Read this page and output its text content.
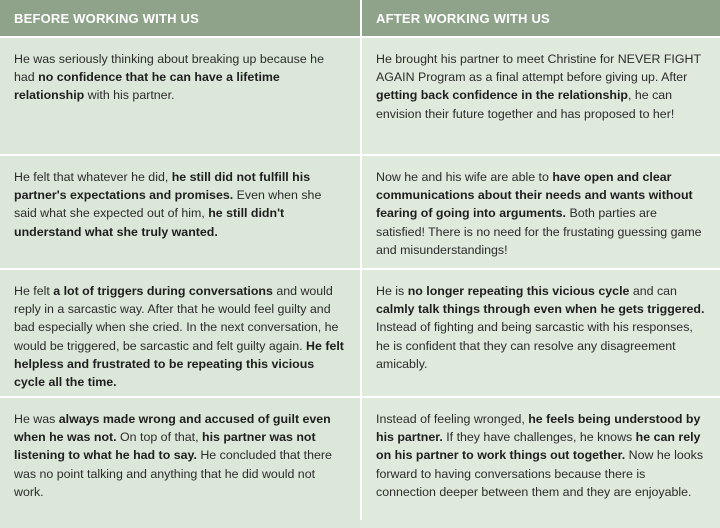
BEFORE WORKING WITH US	AFTER WORKING WITH US
He was seriously thinking about breaking up because he had no confidence that he can have a lifetime relationship with his partner.
He brought his partner to meet Christine for NEVER FIGHT AGAIN Program as a final attempt before giving up. After getting back confidence in the relationship, he can envision their future together and has proposed to her!
He felt that whatever he did, he still did not fulfill his partner's expectations and promises. Even when she said what she expected out of him, he still didn't understand what she truly wanted.
Now he and his wife are able to have open and clear communications about their needs and wants without fearing of going into arguments. Both parties are satisfied! There is no need for the frustating guessing game and misunderstandings!
He felt a lot of triggers during conversations and would reply in a sarcastic way. After that he would feel guilty and bad especially when she cried. In the next conversation, he would be triggered, be sarcastic and felt guilty again. He felt helpless and frustrated to be repeating this vicious cycle all the time.
He is no longer repeating this vicious cycle and can calmly talk things through even when he gets triggered. Instead of fighting and being sarcastic with his responses, he is confident that they can resolve any disagreement amicably.
He was always made wrong and accused of guilt even when he was not. On top of that, his partner was not listening to what he had to say. He concluded that there was no point talking and anything that he did would not work.
Instead of feeling wronged, he feels being understood by his partner. If they have challenges, he knows he can rely on his partner to work things out together. Now he looks forward to having conversations because there is connection deeper between them and they are enjoyable.
